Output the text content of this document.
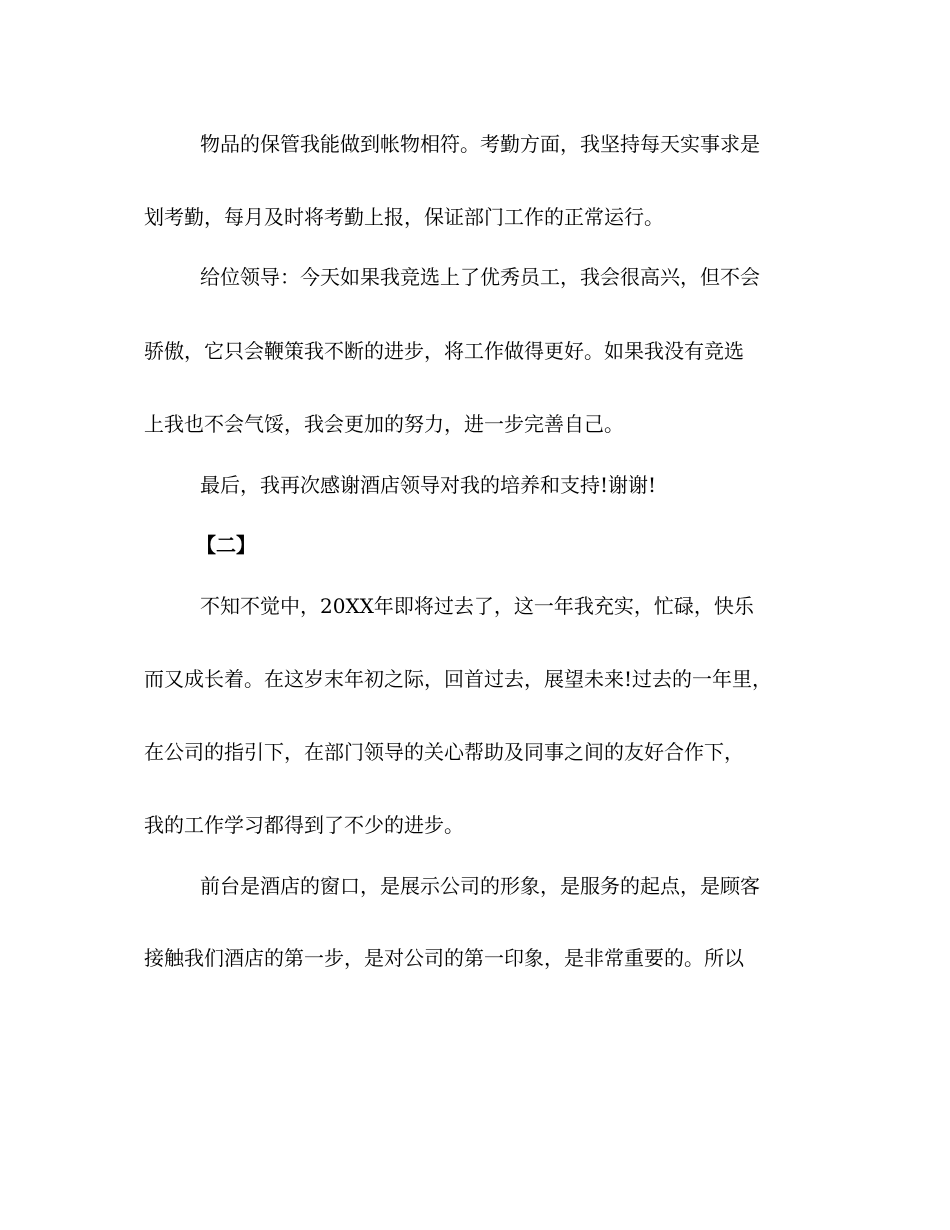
物品的保管我能做到帐物相符。考勤方面，我坚持每天实事求是
划考勤，每月及时将考勤上报，保证部门工作的正常运行。
给位领导：今天如果我竞选上了优秀员工，我会很高兴，但不会
骄傲，它只会鞭策我不断的进步，将工作做得更好。如果我没有竞选
上我也不会气馁，我会更加的努力，进一步完善自己。
最后，我再次感谢酒店领导对我的培养和支持!谢谢!
【二】
不知不觉中，20XX年即将过去了，这一年我充实，忙碌，快乐
而又成长着。在这岁末年初之际，回首过去，展望未来!过去的一年里，
在公司的指引下，在部门领导的关心帮助及同事之间的友好合作下，
我的工作学习都得到了不少的进步。
前台是酒店的窗口，是展示公司的形象，是服务的起点，是顾客
接触我们酒店的第一步，是对公司的第一印象，是非常重要的。所以
